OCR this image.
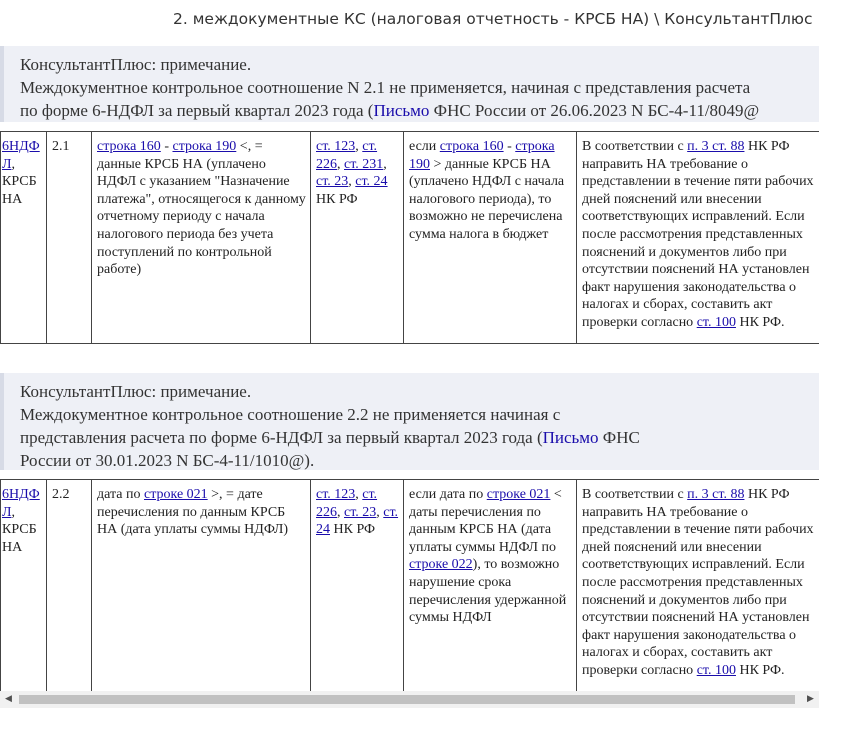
2. междокументные КС (налоговая отчетность - КРСБ НА) \ КонсультантПлюс
КонсультантПлюс: примечание.
Междокументное контрольное соотношение N 2.1 не применяется, начиная с представления расчета
по форме 6-НДФЛ за первый квартал 2023 года (Письмо ФНС России от 26.06.2023 N БС-4-11/8049@
6НДФЛ, КРСБ НА	2.1	строка 160 - строка 190 <, = данные КРСБ НА (уплачено НДФЛ с указанием "Назначение платежа", относящегося к данному отчетному периоду с начала налогового периода без учета поступлений по контрольной работе)	ст. 123, ст. 226, ст. 231, ст. 23, ст. 24 НК РФ	если строка 160 - строка 190 > данные КРСБ НА (уплачено НДФЛ с начала налогового периода), то возможно не перечислена сумма налога в бюджет	В соответствии с п. 3 ст. 88 НК РФ направить НА требование о представлении в течение пяти рабочих дней пояснений или внесении соответствующих исправлений. Если после рассмотрения представленных пояснений и документов либо при отсутствии пояснений НА установлен факт нарушения законодательства о налогах и сборах, составить акт проверки согласно ст. 100 НК РФ.
КонсультантПлюс: примечание.
Междокументное контрольное соотношение 2.2 не применяется начиная с
представления расчета по форме 6-НДФЛ за первый квартал 2023 года (Письмо ФНС
России от 30.01.2023 N БС-4-11/1010@).
6НДФЛ, КРСБ НА	2.2	дата по строке 021 >, = дате перечисления по данным КРСБ НА (дата уплаты суммы НДФЛ)	ст. 123, ст. 226, ст. 23, ст. 24 НК РФ	если дата по строке 021 < даты перечисления по данным КРСБ НА (дата уплаты суммы НДФЛ по строке 022), то возможно нарушение срока перечисления удержанной суммы НДФЛ	В соответствии с п. 3 ст. 88 НК РФ направить НА требование о представлении в течение пяти рабочих дней пояснений или внесении соответствующих исправлений. Если после рассмотрения представленных пояснений и документов либо при отсутствии пояснений НА установлен факт нарушения законодательства о налогах и сборах, составить акт проверки согласно ст. 100 НК РФ.
◀	▶
